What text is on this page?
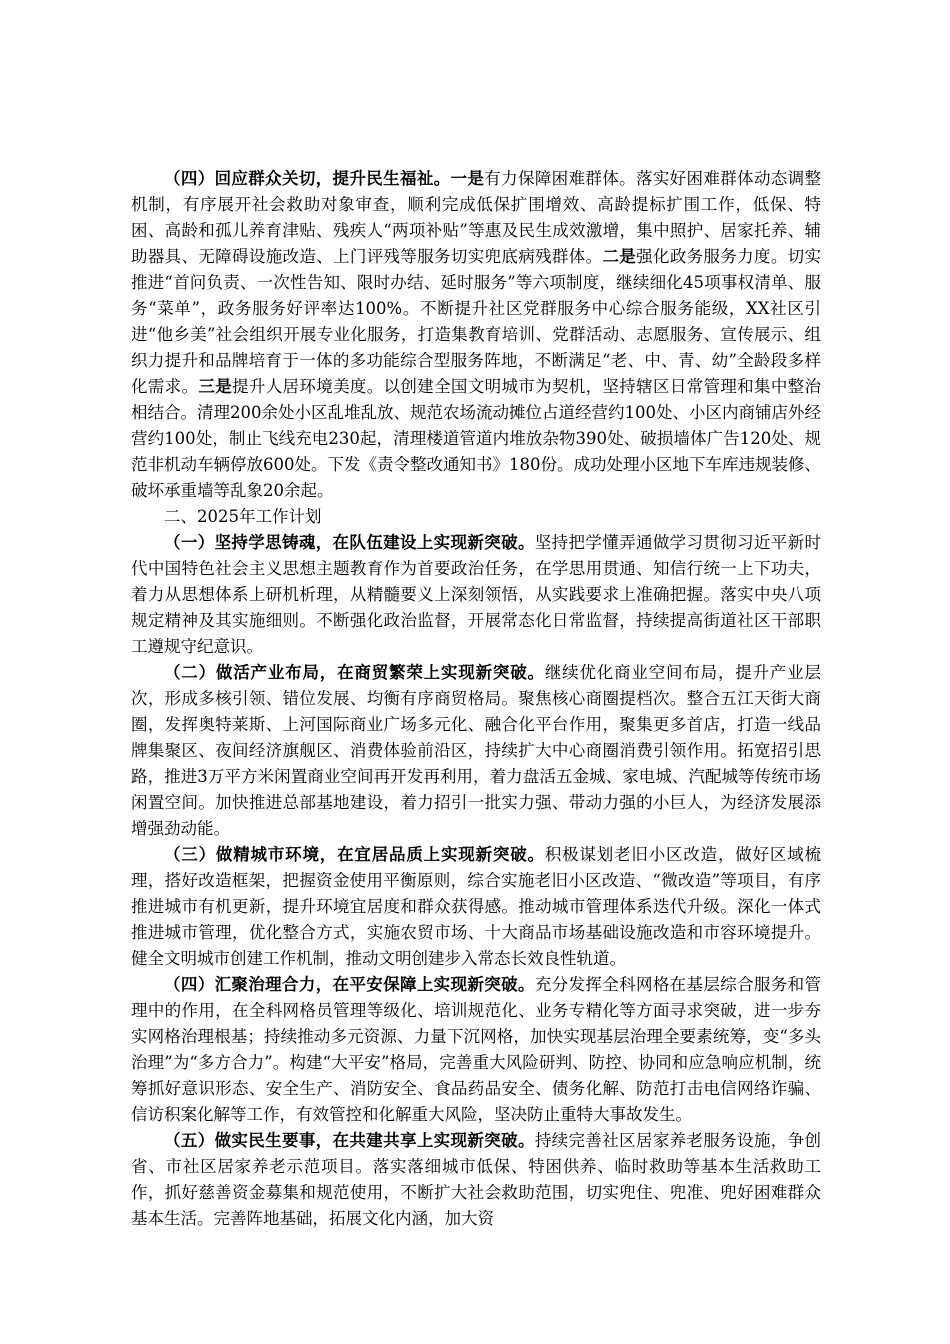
（四）回应群众关切，提升民生福祉。一是有力保障困难群体。落实好困难群体动态调整机制，有序展开社会救助对象审查，顺利完成低保扩围增效、高龄提标扩围工作，低保、特困、高龄和孤儿养育津贴、残疾人“两项补贴”等惠及民生成效激增，集中照护、居家托养、辅助器具、无障碍设施改造、上门评残等服务切实兜底病残群体。二是强化政务服务力度。切实推进“首问负责、一次性告知、限时办结、延时服务”等六项制度，继续细化45项事权清单、服务“菜单”，政务服务好评率达100%。不断提升社区党群服务中心综合服务能级，XX社区引进“他乡美”社会组织开展专业化服务，打造集教育培训、党群活动、志愿服务、宣传展示、组织力提升和品牌培育于一体的多功能综合型服务阵地，不断满足“老、中、青、幼”全龄段多样化需求。三是提升人居环境美度。以创建全国文明城市为契机，坚持辖区日常管理和集中整治相结合。清理200余处小区乱堆乱放、规范农场流动摊位占道经营约100处、小区内商铺店外经营约100处，制止飞线充电230起，清理楼道管道内堆放杂物390处、破损墙体广告120处、规范非机动车辆停放600处。下发《责令整改通知书》180份。成功处理小区地下车库违规装修、破坏承重墙等乱象20余起。

二、2025年工作计划

（一）坚持学思铸魂，在队伍建设上实现新突破。坚持把学懂弄通做学习贯彻习近平新时代中国特色社会主义思想主题教育作为首要政治任务，在学思用贯通、知信行统一上下功夫，着力从思想体系上研机析理，从精髓要义上深刻领悟，从实践要求上准确把握。落实中央八项规定精神及其实施细则。不断强化政治监督，开展常态化日常监督，持续提高街道社区干部职工遵规守纪意识。

（二）做活产业布局，在商贸繁荣上实现新突破。继续优化商业空间布局，提升产业层次，形成多核引领、错位发展、均衡有序商贸格局。聚焦核心商圈提档次。整合五江天街大商圈，发挥奥特莱斯、上河国际商业广场多元化、融合化平台作用，聚集更多首店，打造一线品牌集聚区、夜间经济旗舰区、消费体验前沿区，持续扩大中心商圈消费引领作用。拓宽招引思路，推进3万平方米闲置商业空间再开发再利用，着力盘活五金城、家电城、汽配城等传统市场闲置空间。加快推进总部基地建设，着力招引一批实力强、带动力强的小巨人，为经济发展添增强劲动能。

（三）做精城市环境，在宜居品质上实现新突破。积极谋划老旧小区改造，做好区域梳理，搭好改造框架，把握资金使用平衡原则，综合实施老旧小区改造、“微改造”等项目，有序推进城市有机更新，提升环境宜居度和群众获得感。推动城市管理体系迭代升级。深化一体式推进城市管理，优化整合方式，实施农贸市场、十大商品市场基础设施改造和市容环境提升。健全文明城市创建工作机制，推动文明创建步入常态长效良性轨道。

（四）汇聚治理合力，在平安保障上实现新突破。充分发挥全科网格在基层综合服务和管理中的作用，在全科网格员管理等级化、培训规范化、业务专精化等方面寻求突破，进一步夯实网格治理根基；持续推动多元资源、力量下沉网格，加快实现基层治理全要素统筹，变“多头治理”为“多方合力”。构建“大平安”格局，完善重大风险研判、防控、协同和应急响应机制，统筹抓好意识形态、安全生产、消防安全、食品药品安全、债务化解、防范打击电信网络诈骗、信访积案化解等工作，有效管控和化解重大风险，坚决防止重特大事故发生。

（五）做实民生要事，在共建共享上实现新突破。持续完善社区居家养老服务设施，争创省、市社区居家养老示范项目。落实落细城市低保、特困供养、临时救助等基本生活救助工作，抓好慈善资金募集和规范使用，不断扩大社会救助范围，切实兜住、兜准、兜好困难群众基本生活。完善阵地基础，拓展文化内涵，加大资
